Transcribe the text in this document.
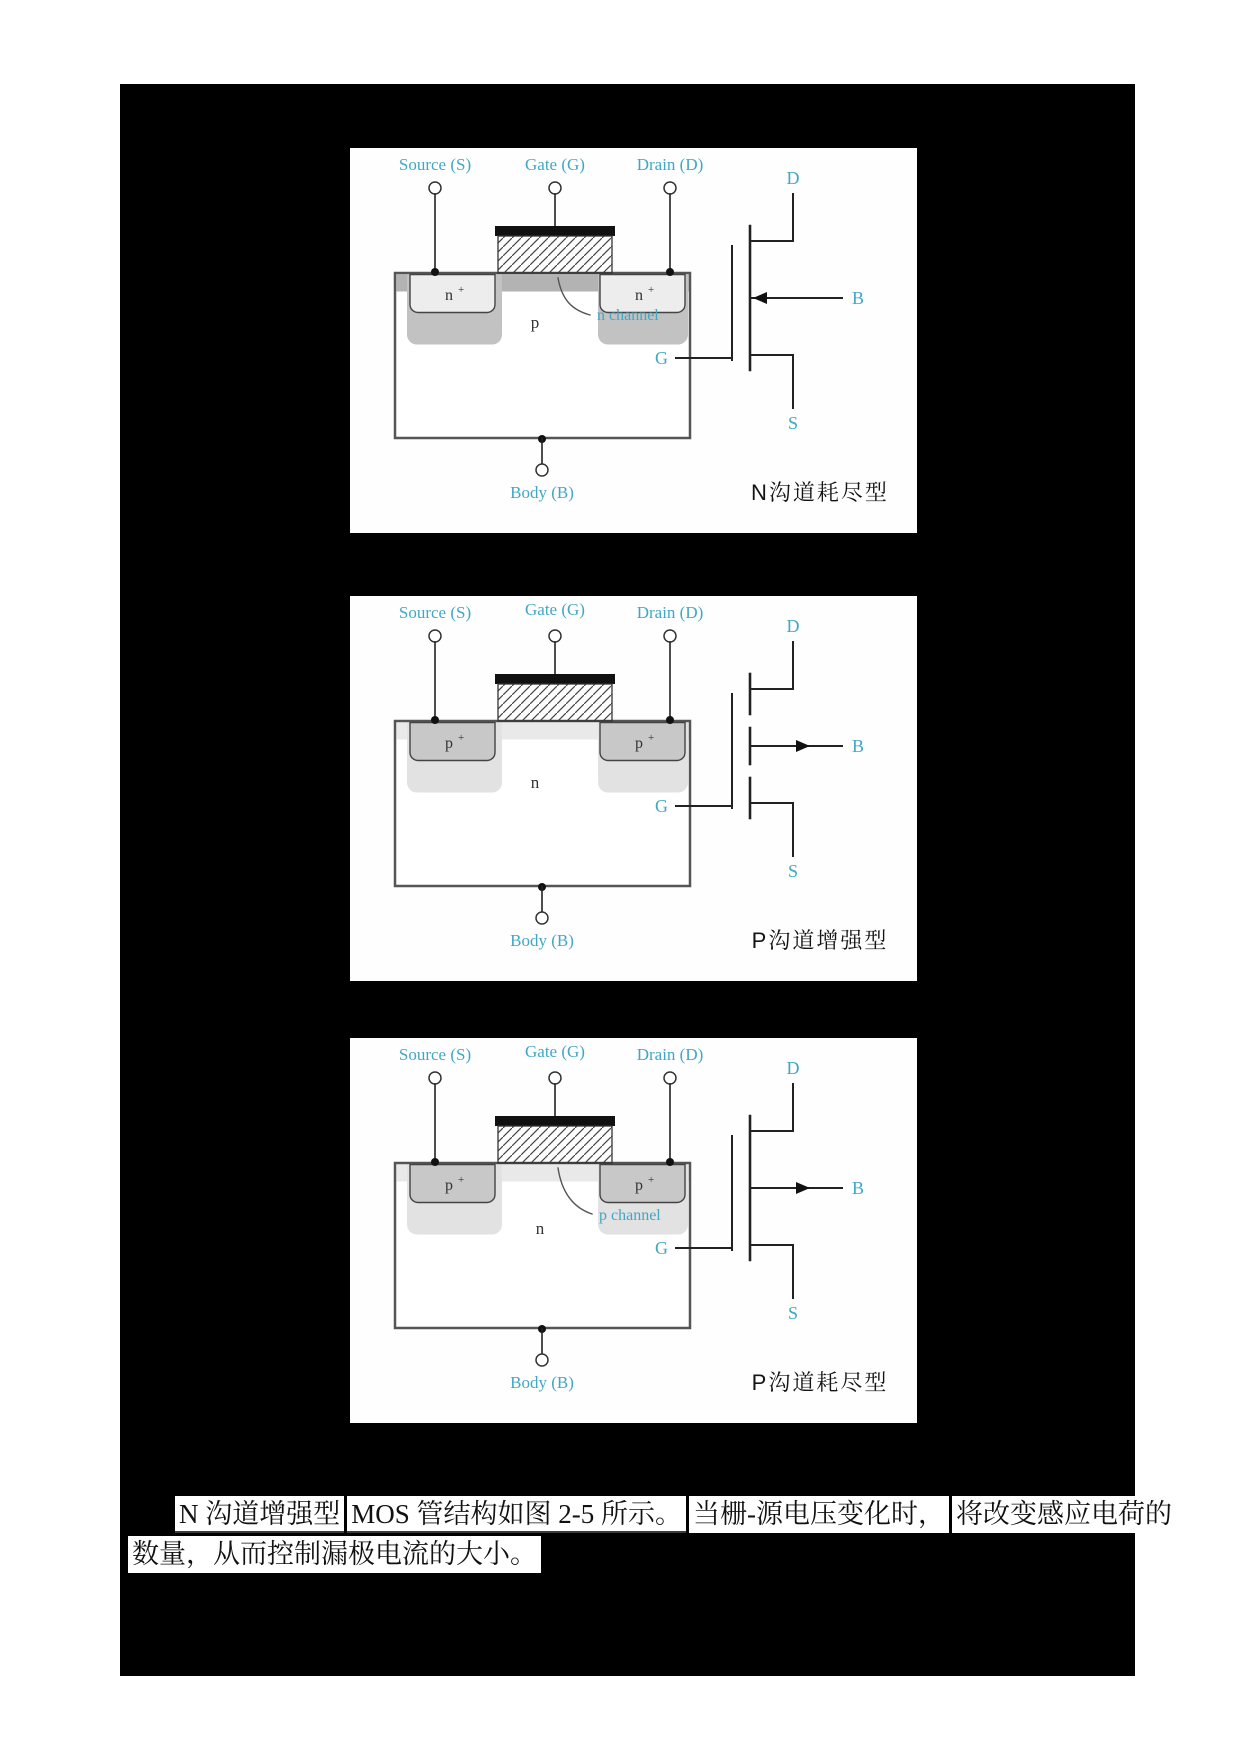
Source (S)	Gate (G)	Drain (D)
n +	n +
n channel
p
Body (B)
D
G
S
B
N沟道耗尽型
Source (S)	Gate (G)	Drain (D)
p +	p +
n
Body (B)
D
G
S
B
P沟道增强型
Source (S)	Gate (G)	Drain (D)
p +	p +
p channel
n
Body (B)
D
G
S
B
P沟道耗尽型
N 沟道增强型 MOS 管结构如图 2-5 所示。 当栅-源电压变化时， 将改变感应电荷的
数量，从而控制漏极电流的大小。
